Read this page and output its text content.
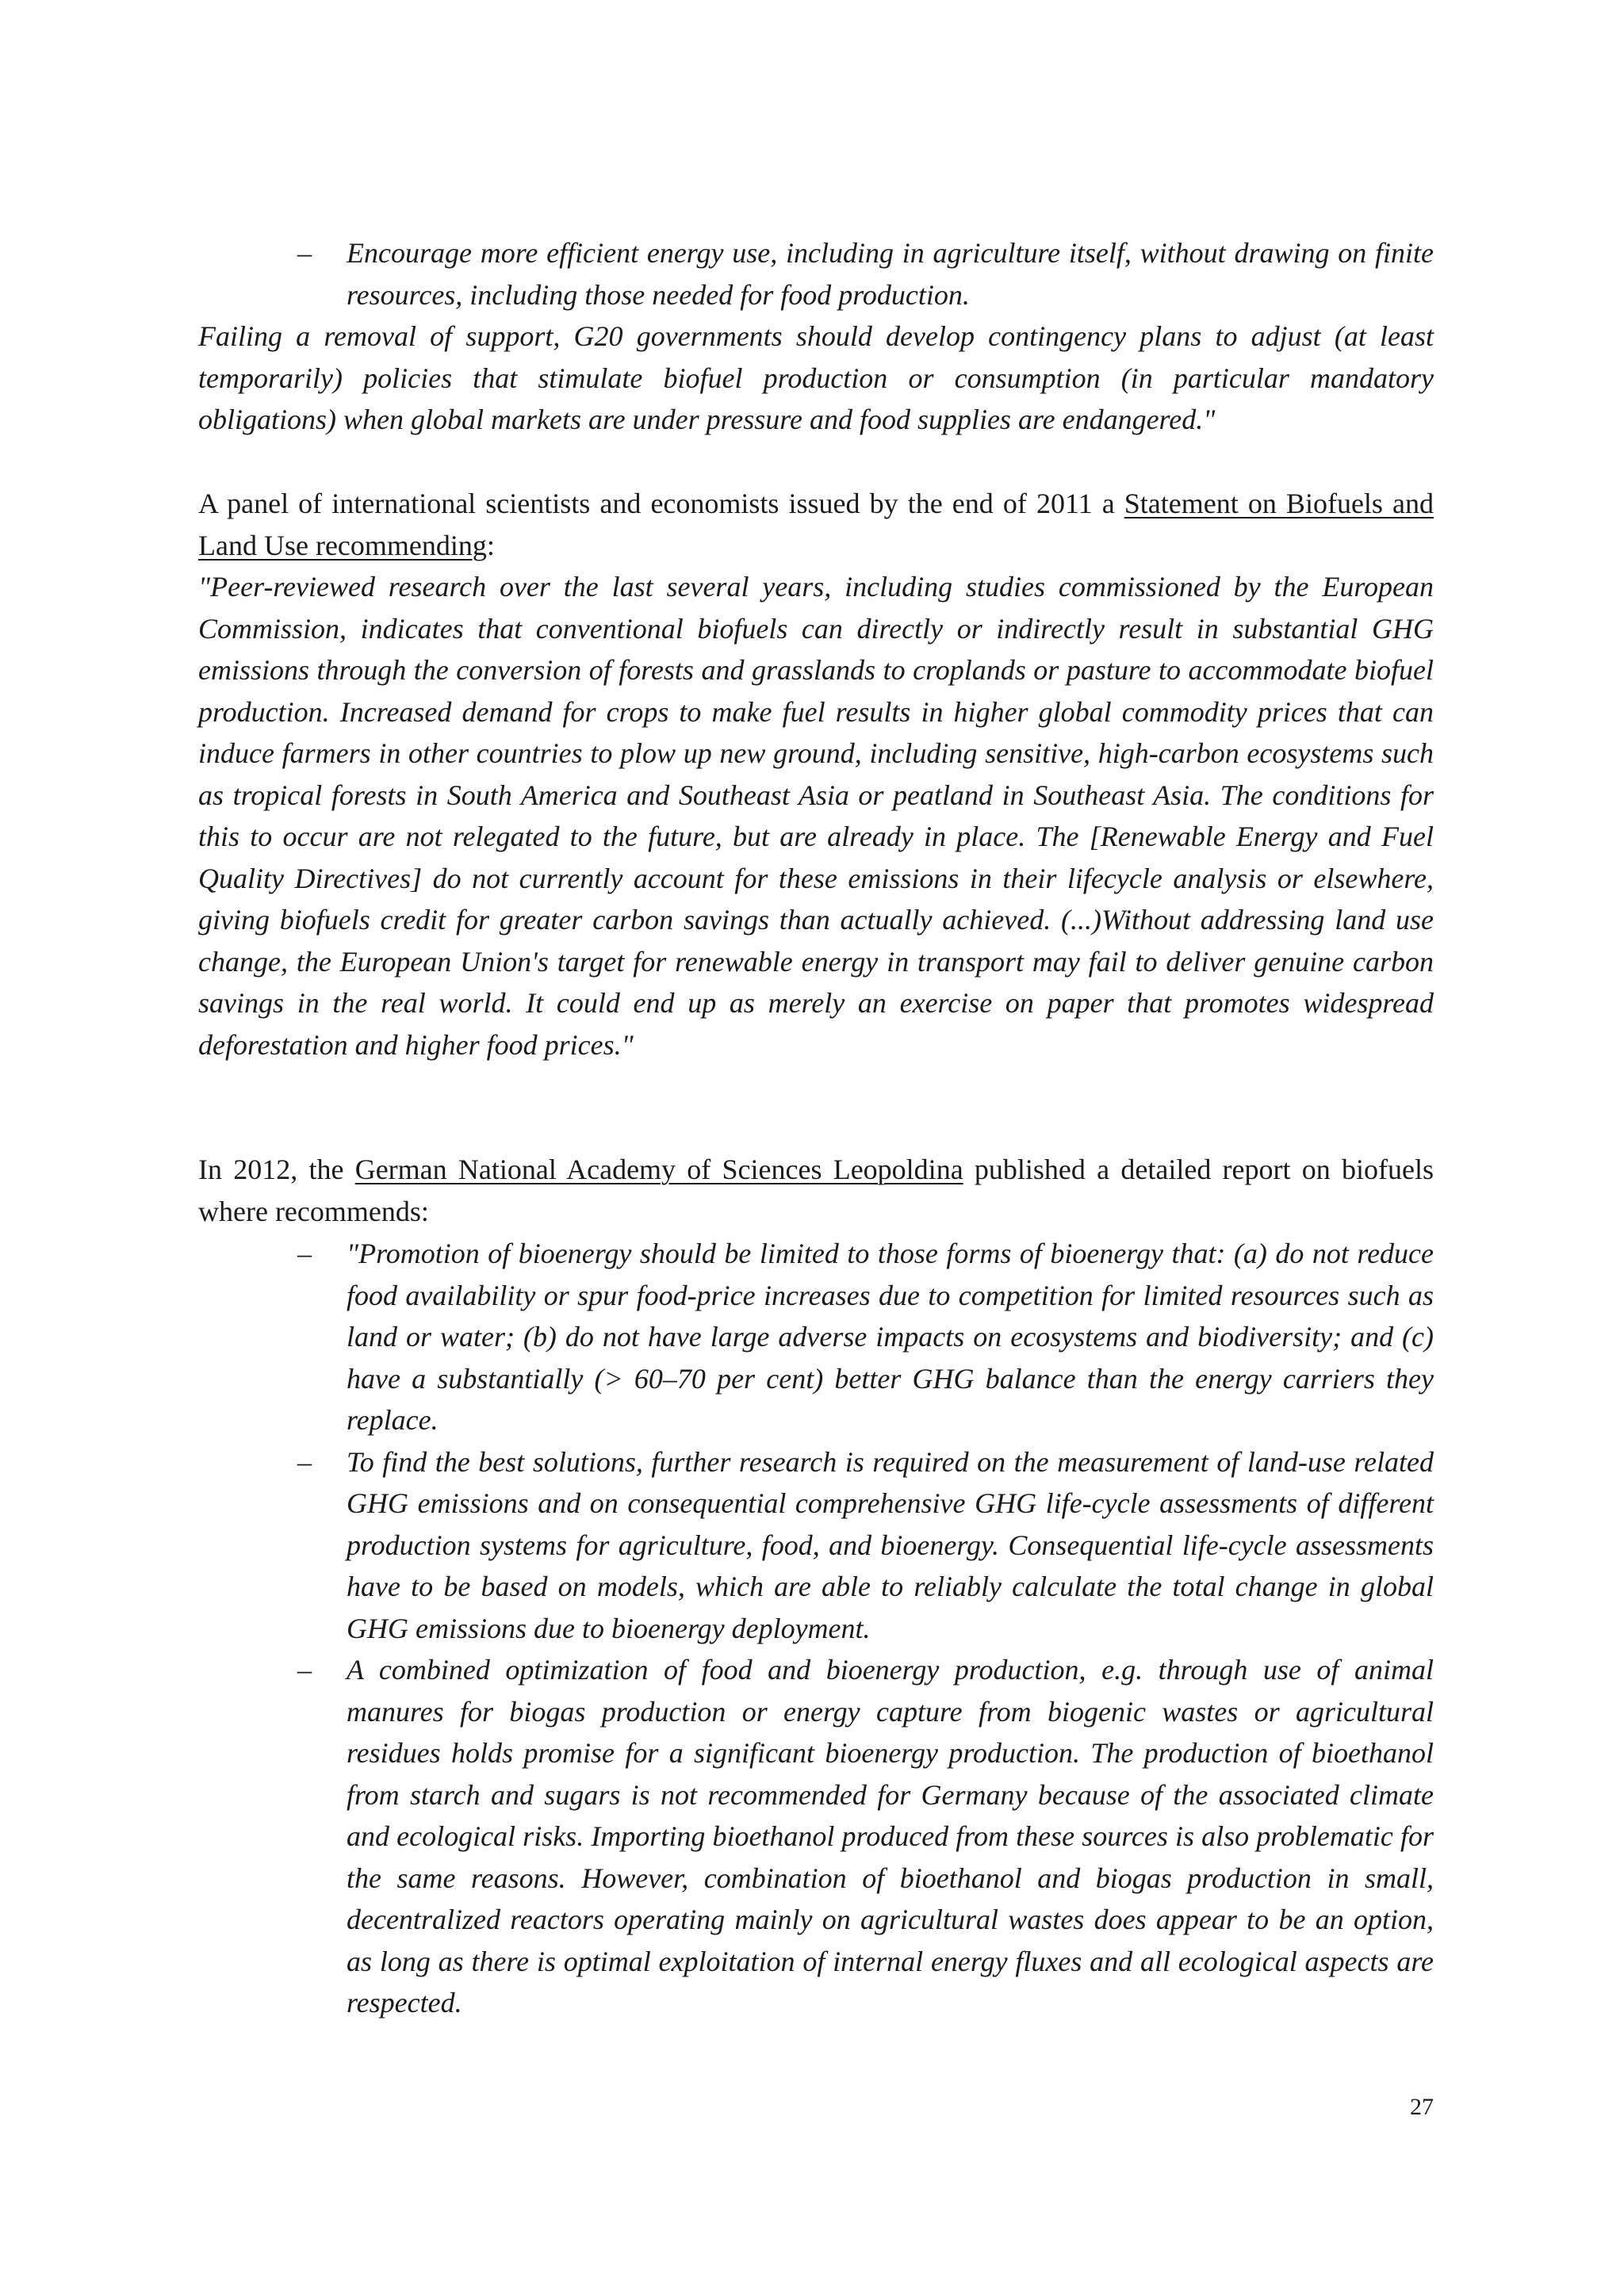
– Encourage more efficient energy use, including in agriculture itself, without drawing on finite resources, including those needed for food production.

Failing a removal of support, G20 governments should develop contingency plans to adjust (at least temporarily) policies that stimulate biofuel production or consumption (in particular mandatory obligations) when global markets are under pressure and food supplies are endangered."

A panel of international scientists and economists issued by the end of 2011 a Statement on Biofuels and Land Use recommending:

"Peer-reviewed research over the last several years, including studies commissioned by the European Commission, indicates that conventional biofuels can directly or indirectly result in substantial GHG emissions through the conversion of forests and grasslands to croplands or pasture to accommodate biofuel production. Increased demand for crops to make fuel results in higher global commodity prices that can induce farmers in other countries to plow up new ground, including sensitive, high-carbon ecosystems such as tropical forests in South America and Southeast Asia or peatland in Southeast Asia. The conditions for this to occur are not relegated to the future, but are already in place. The [Renewable Energy and Fuel Quality Directives] do not currently account for these emissions in their lifecycle analysis or elsewhere, giving biofuels credit for greater carbon savings than actually achieved. (...)Without addressing land use change, the European Union's target for renewable energy in transport may fail to deliver genuine carbon savings in the real world. It could end up as merely an exercise on paper that promotes widespread deforestation and higher food prices."

In 2012, the German National Academy of Sciences Leopoldina published a detailed report on biofuels where recommends:

– "Promotion of bioenergy should be limited to those forms of bioenergy that: (a) do not reduce food availability or spur food-price increases due to competition for limited resources such as land or water; (b) do not have large adverse impacts on ecosystems and biodiversity; and (c) have a substantially (> 60–70 per cent) better GHG balance than the energy carriers they replace.
– To find the best solutions, further research is required on the measurement of land-use related GHG emissions and on consequential comprehensive GHG life-cycle assessments of different production systems for agriculture, food, and bioenergy. Consequential life-cycle assessments have to be based on models, which are able to reliably calculate the total change in global GHG emissions due to bioenergy deployment.
– A combined optimization of food and bioenergy production, e.g. through use of animal manures for biogas production or energy capture from biogenic wastes or agricultural residues holds promise for a significant bioenergy production. The production of bioethanol from starch and sugars is not recommended for Germany because of the associated climate and ecological risks. Importing bioethanol produced from these sources is also problematic for the same reasons. However, combination of bioethanol and biogas production in small, decentralized reactors operating mainly on agricultural wastes does appear to be an option, as long as there is optimal exploitation of internal energy fluxes and all ecological aspects are respected.
27
